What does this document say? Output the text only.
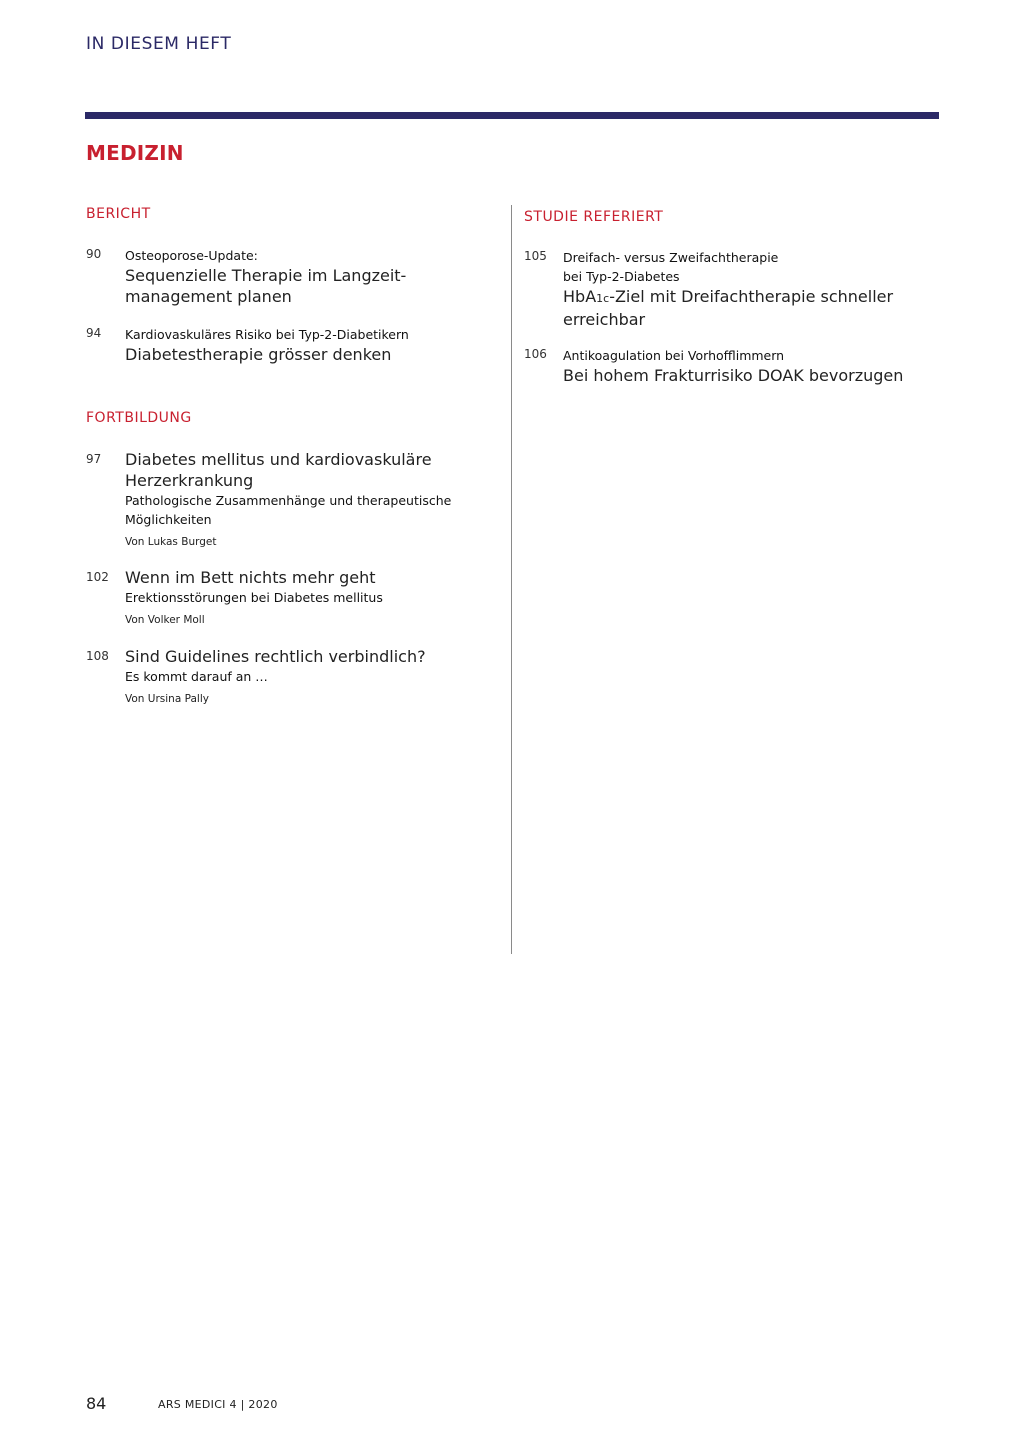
IN DIESEM HEFT
MEDIZIN
BERICHT
90 Osteoporose-Update:
Sequenzielle Therapie im Langzeit-management planen
94 Kardiovaskuläres Risiko bei Typ-2-Diabetikern
Diabetestherapie grösser denken
FORTBILDUNG
97 Diabetes mellitus und kardiovaskuläre Herzerkrankung
Pathologische Zusammenhänge und therapeutische Möglichkeiten
Von Lukas Burget
102 Wenn im Bett nichts mehr geht
Erektionsstörungen bei Diabetes mellitus
Von Volker Moll
108 Sind Guidelines rechtlich verbindlich?
Es kommt darauf an …
Von Ursina Pally
STUDIE REFERIERT
105 Dreifach- versus Zweifachtherapie
bei Typ-2-Diabetes
HbA1c-Ziel mit Dreifachtherapie schneller erreichbar
106 Antikoagulation bei Vorhofflimmern
Bei hohem Frakturrisiko DOAK bevorzugen
84	ARS MEDICI 4 | 2020
